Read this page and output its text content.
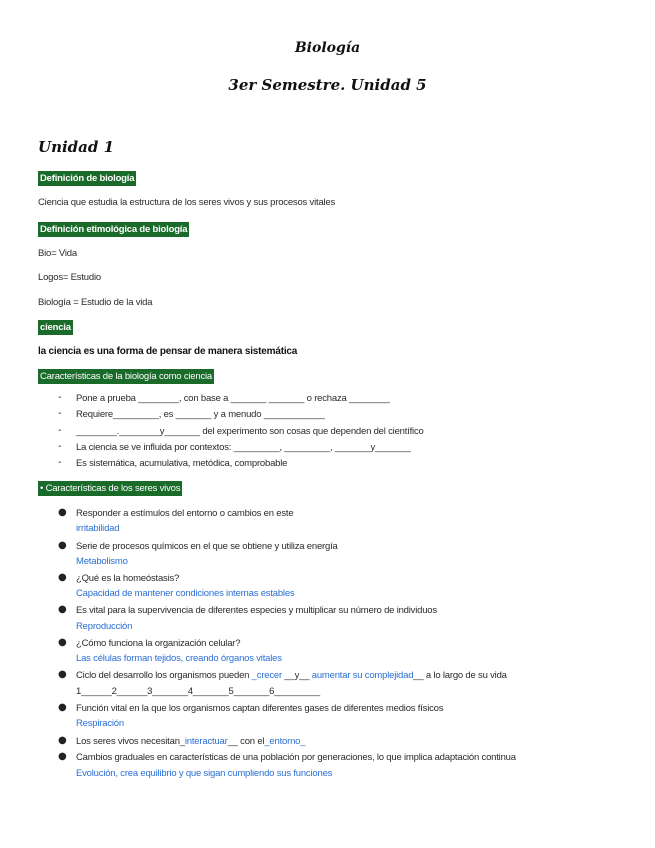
Biología
3er Semestre. Unidad 5
Unidad 1
Definición de biología
Ciencia que estudia la estructura de los seres vivos y sus procesos vitales
Definición etimológica de biología
Bio= Vida
Logos= Estudio
Biología = Estudio de la vida
ciencia
la ciencia es una forma de pensar de manera sistemática
Características de la biología como ciencia
- Pone a prueba ________, con base a _______ _______ o rechaza ________
- Requiere_________, es _______ y a menudo ____________
- ________.________y_______ del experimento son cosas que dependen del científico
- La ciencia se ve influida por contextos: _________, _________, _______y_______
- Es sistemática, acumulativa, metódica, comprobable
• Características de los seres vivos
● Responder a estímulos del entorno o cambios en este
irritabilidad
● Serie de procesos químicos en el que se obtiene y utiliza energía
Metabolismo
● ¿Qué es la homeóstasis?
Capacidad de mantener condiciones internas estables
● Es vital para la supervivencia de diferentes especies y multiplicar su número de individuos
Reproducción
● ¿Cómo funciona la organización celular?
Las células forman tejidos, creando órganos vitales
● Ciclo del desarrollo los organismos pueden _crecer __y__ aumentar su complejidad__ a lo largo de su vida
1______2______3_______4_______5_______6_________
● Función vital en la que los organismos captan diferentes gases de diferentes medios físicos
Respiración
● Los seres vivos necesitan_interactuar__ con el_entorno_
● Cambios graduales en características de una población por generaciones, lo que implica adaptación continua
Evolución, crea equilibrio y que sigan cumpliendo sus funciones
